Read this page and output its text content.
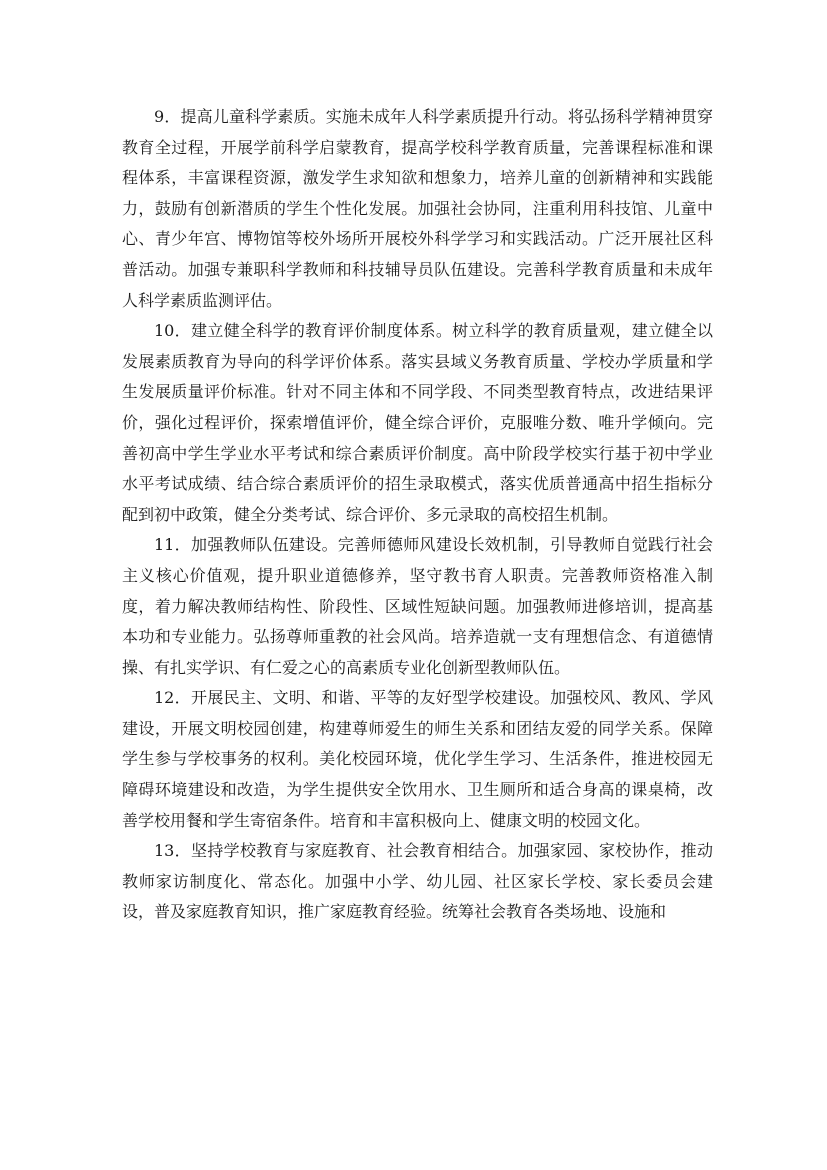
9．提高儿童科学素质。实施未成年人科学素质提升行动。将弘扬科学精神贯穿教育全过程，开展学前科学启蒙教育，提高学校科学教育质量，完善课程标准和课程体系，丰富课程资源，激发学生求知欲和想象力，培养儿童的创新精神和实践能力，鼓励有创新潜质的学生个性化发展。加强社会协同，注重利用科技馆、儿童中心、青少年宫、博物馆等校外场所开展校外科学学习和实践活动。广泛开展社区科普活动。加强专兼职科学教师和科技辅导员队伍建设。完善科学教育质量和未成年人科学素质监测评估。

10．建立健全科学的教育评价制度体系。树立科学的教育质量观，建立健全以发展素质教育为导向的科学评价体系。落实县域义务教育质量、学校办学质量和学生发展质量评价标准。针对不同主体和不同学段、不同类型教育特点，改进结果评价，强化过程评价，探索增值评价，健全综合评价，克服唯分数、唯升学倾向。完善初高中学生学业水平考试和综合素质评价制度。高中阶段学校实行基于初中学业水平考试成绩、结合综合素质评价的招生录取模式，落实优质普通高中招生指标分配到初中政策，健全分类考试、综合评价、多元录取的高校招生机制。

11．加强教师队伍建设。完善师德师风建设长效机制，引导教师自觉践行社会主义核心价值观，提升职业道德修养，坚守教书育人职责。完善教师资格准入制度，着力解决教师结构性、阶段性、区域性短缺问题。加强教师进修培训，提高基本功和专业能力。弘扬尊师重教的社会风尚。培养造就一支有理想信念、有道德情操、有扎实学识、有仁爱之心的高素质专业化创新型教师队伍。

12．开展民主、文明、和谐、平等的友好型学校建设。加强校风、教风、学风建设，开展文明校园创建，构建尊师爱生的师生关系和团结友爱的同学关系。保障学生参与学校事务的权利。美化校园环境，优化学生学习、生活条件，推进校园无障碍环境建设和改造，为学生提供安全饮用水、卫生厕所和适合身高的课桌椅，改善学校用餐和学生寄宿条件。培育和丰富积极向上、健康文明的校园文化。

13．坚持学校教育与家庭教育、社会教育相结合。加强家园、家校协作，推动教师家访制度化、常态化。加强中小学、幼儿园、社区家长学校、家长委员会建设，普及家庭教育知识，推广家庭教育经验。统筹社会教育各类场地、设施和
